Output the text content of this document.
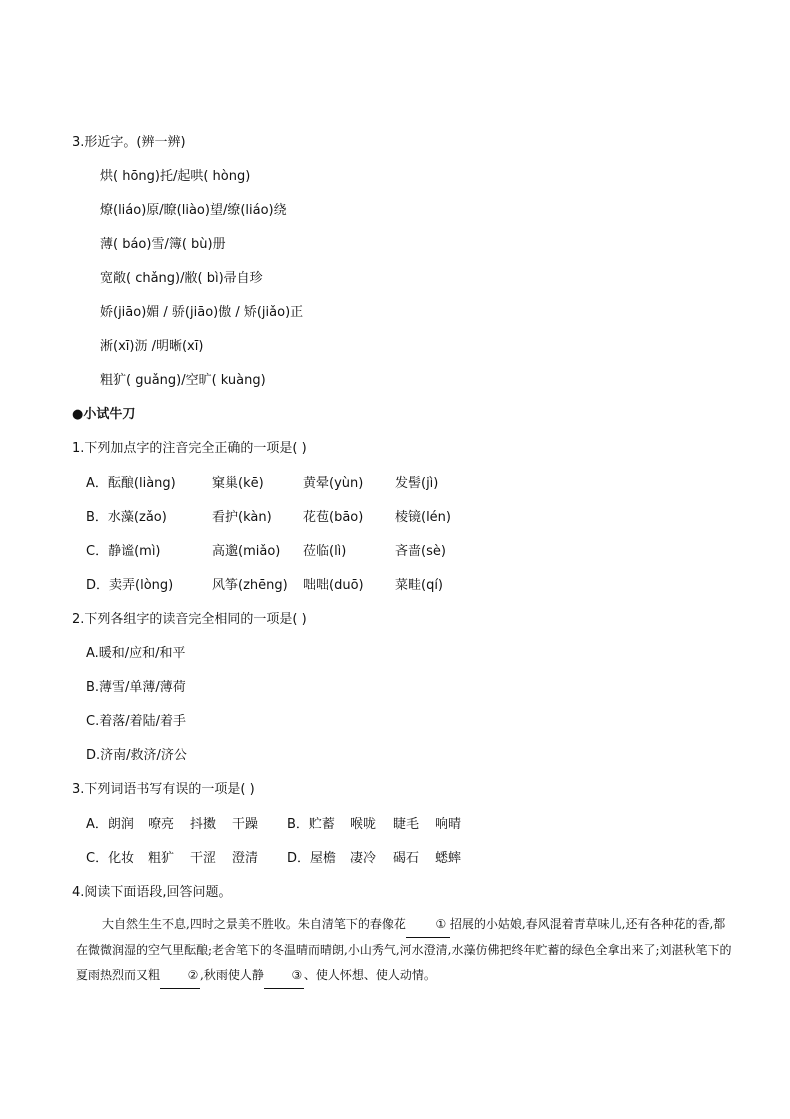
3.形近字。(辨一辨)
烘( hōng)托/起哄( hòng)
燎(liáo)原/瞭(liào)望/缭(liáo)绕
薄( báo)雪/簿( bù)册
宽敞( chǎng)/敝( bì)帚自珍
娇(jiāo)媚 / 骄(jiāo)傲 / 矫(jiǎo)正
淅(xī)沥 /明晰(xī)
粗犷( guǎng)/空旷( kuàng)
●小试牛刀
1.下列加点字的注音完全正确的一项是( )
A．酝酿(liàng)	窠巢(kē)	黄晕(yùn) 发髻(jì)
B．水藻(zǎo)	看护(kàn) 花苞(bāo) 棱镜(lén)
C．静谧(mì)	高邈(miǎo) 莅临(lì)	吝啬(sè)
D．卖弄(lòng)	风筝(zhēng) 咄咄(duō) 菜畦(qí)
2.下列各组字的读音完全相同的一项是( )
A.暖和/应和/和平
B.薄雪/单薄/薄荷
C.着落/着陆/着手
D.济南/救济/济公
3.下列词语书写有误的一项是( )
A．朗润 嘹亮 抖擞 干躁 B．贮蓄 喉咙 睫毛 响晴
C．化妆 粗犷 干涩 澄清 D．屋檐 凄冷 碣石 蟋蟀
4.阅读下面语段,回答问题。

大自然生生不息,四时之景美不胜收。朱自清笔下的春像花 ① 招展的小姑娘,春风混着青草味儿,还有各种花的香,都在微微润湿的空气里酝酿;老舍笔下的冬温晴而晴朗,小山秀气,河水澄清,水藻仿佛把终年贮蓄的绿色全拿出来了;刘湛秋笔下的夏雨热烈而又粗 ② ,秋雨使人静 ③ 、使人怀想、使人动情。
